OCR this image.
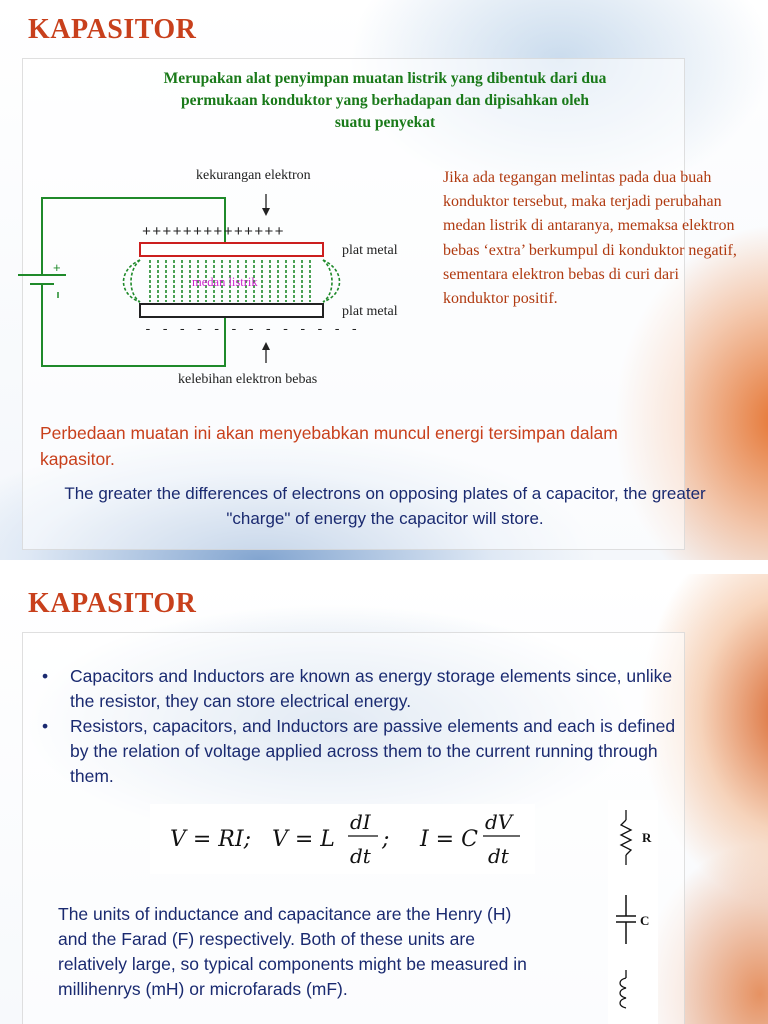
KAPASITOR
Merupakan alat penyimpan muatan listrik yang dibentuk dari dua
permukaan konduktor yang berhadapan dan dipisahkan oleh
suatu penyekat
+
kekurangan elektron
++++++++++++++
plat metal
plat metal
medan listrik
- - - - - - - - - - - - -
kelebihan elektron bebas
Jika ada tegangan melintas pada dua buah konduktor tersebut, maka terjadi perubahan medan listrik di antaranya, memaksa elektron bebas ‘extra’ berkumpul di konduktor negatif, sementara elektron bebas di curi dari konduktor positif.
Perbedaan muatan ini akan menyebabkan muncul energi tersimpan dalam kapasitor.
The greater the differences of electrons on opposing plates of a capacitor, the greater "charge" of energy the capacitor will store.
KAPASITOR
• Capacitors and Inductors are known as energy storage elements since, unlike the resistor, they can store electrical energy.
• Resistors, capacitors, and Inductors are passive elements and each is defined by the relation of voltage applied across them to the current running through them.
V = RI; V = L
dI
dt
; I = C
dV
dt
The units of inductance and capacitance are the Henry (H) and the Farad (F) respectively. Both of these units are relatively large, so typical components might be measured in millihenrys (mH) or microfarads (mF).
R
C
